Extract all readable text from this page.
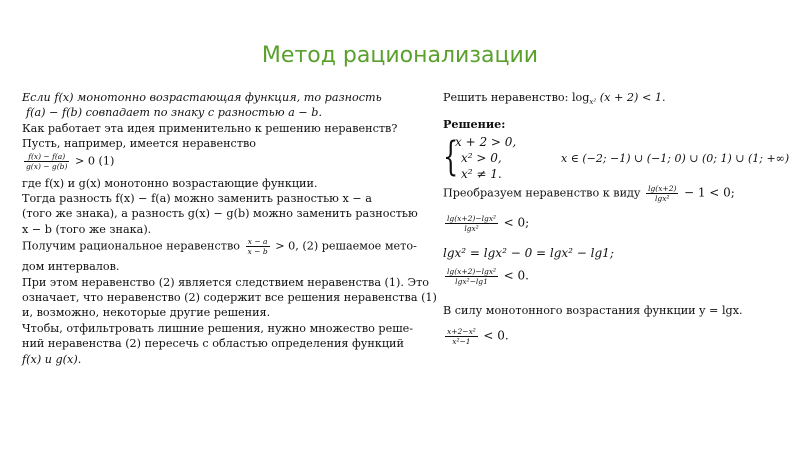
Метод рационализации
Если f(x) монотонно возрастающая функция, то разность
f(a) − f(b) совпадает по знаку с разностью a − b.
Как работает эта идея применительно к решению неравенств?
Пусть, например, имеется неравенство
$\frac{f(x) - f(a)}{g(x) - g(b)} > 0$ (1)
где f(x) и g(x) монотонно возрастающие функции.
Тогда разность f(x) − f(a) можно заменить разностью x − a
(того же знака), а разность g(x) − g(b) можно заменить разностью
x − b (того же знака).
Получим рациональное неравенство $\frac{x - a}{x - b} > 0$, (2) решаемое мето-
дом интервалов.
При этом неравенство (2) является следствием неравенства (1). Это
означает, что неравенство (2) содержит все решения неравенства (1)
и, возможно, некоторые другие решения.
Чтобы, отфильтровать лишние решения, нужно множество реше-
ний неравенства (2) пересечь с областью определения функций
f(x) и g(x).
Решить неравенство: $\log_{x^2} (x + 2) < 1$.
Решение:
{
x + 2 > 0,
x² > 0,
x² ≠ 1.
x ∈ (−2; −1) ∪ (−1; 0) ∪ (0; 1) ∪ (1; +∞)
Преобразуем неравенство к виду $\frac{\lg(x+2)}{\text{lgx²}} - 1 < 0$;
$\frac{\text{lg(x+2)−lgx²}}{\text{lgx²}} < 0$;
lgx² = lgx² − 0 = lgx² − lg1;
$\frac{\text{lg(x+2)−lgx²}}{\text{lgx²−lg1}} < 0$.
В силу монотонного возрастания функции y = lgx.
$\frac{\text{x+2−x²}}{\text{x²−1}} < 0$.
